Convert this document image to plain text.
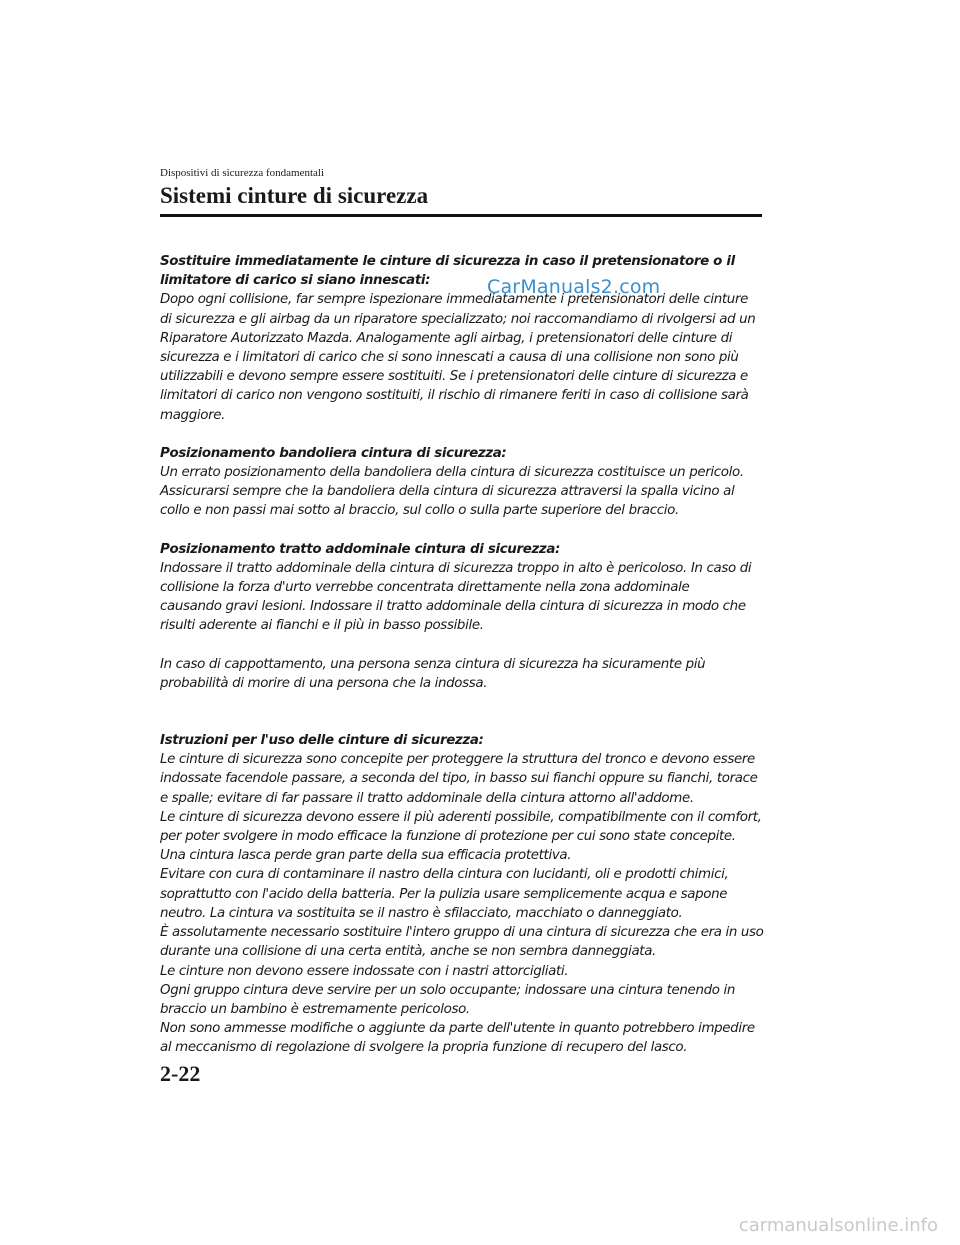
Dispositivi di sicurezza fondamentali

Sistemi cinture di sicurezza
CarManuals2.com

Sostituire immediatamente le cinture di sicurezza in caso il pretensionatore o il limitatore di carico si siano innescati:

Dopo ogni collisione, far sempre ispezionare immediatamente i pretensionatori delle cinture

di sicurezza e gli airbag da un riparatore specializzato; noi raccomandiamo di rivolgersi ad un

Riparatore Autorizzato Mazda. Analogamente agli airbag, i pretensionatori delle cinture di

sicurezza e i limitatori di carico che si sono innescati a causa di una collisione non sono più

utilizzabili e devono sempre essere sostituiti. Se i pretensionatori delle cinture di sicurezza e

limitatori di carico non vengono sostituiti, il rischio di rimanere feriti in caso di collisione sarà

maggiore.

Posizionamento bandoliera cintura di sicurezza:

Un errato posizionamento della bandoliera della cintura di sicurezza costituisce un pericolo.

Assicurarsi sempre che la bandoliera della cintura di sicurezza attraversi la spalla vicino al

collo e non passi mai sotto al braccio, sul collo o sulla parte superiore del braccio.

Posizionamento tratto addominale cintura di sicurezza:

Indossare il tratto addominale della cintura di sicurezza troppo in alto è pericoloso. In caso di

collisione la forza d'urto verrebbe concentrata direttamente nella zona addominale

causando gravi lesioni. Indossare il tratto addominale della cintura di sicurezza in modo che

risulti aderente ai fianchi e il più in basso possibile.

In caso di cappottamento, una persona senza cintura di sicurezza ha sicuramente più

probabilità di morire di una persona che la indossa.

Istruzioni per l'uso delle cinture di sicurezza:

Le cinture di sicurezza sono concepite per proteggere la struttura del tronco e devono essere

indossate facendole passare, a seconda del tipo, in basso sui fianchi oppure su fianchi, torace

e spalle; evitare di far passare il tratto addominale della cintura attorno all'addome.

Le cinture di sicurezza devono essere il più aderenti possibile, compatibilmente con il comfort,

per poter svolgere in modo efficace la funzione di protezione per cui sono state concepite.

Una cintura lasca perde gran parte della sua efficacia protettiva.

Evitare con cura di contaminare il nastro della cintura con lucidanti, oli e prodotti chimici,

soprattutto con l'acido della batteria. Per la pulizia usare semplicemente acqua e sapone

neutro. La cintura va sostituita se il nastro è sfilacciato, macchiato o danneggiato.

È assolutamente necessario sostituire l'intero gruppo di una cintura di sicurezza che era in uso

durante una collisione di una certa entità, anche se non sembra danneggiata.

Le cinture non devono essere indossate con i nastri attorcigliati.

Ogni gruppo cintura deve servire per un solo occupante; indossare una cintura tenendo in

braccio un bambino è estremamente pericoloso.

Non sono ammesse modifiche o aggiunte da parte dell'utente in quanto potrebbero impedire

al meccanismo di regolazione di svolgere la propria funzione di recupero del lasco.

2-22
carmanualsonline.info
